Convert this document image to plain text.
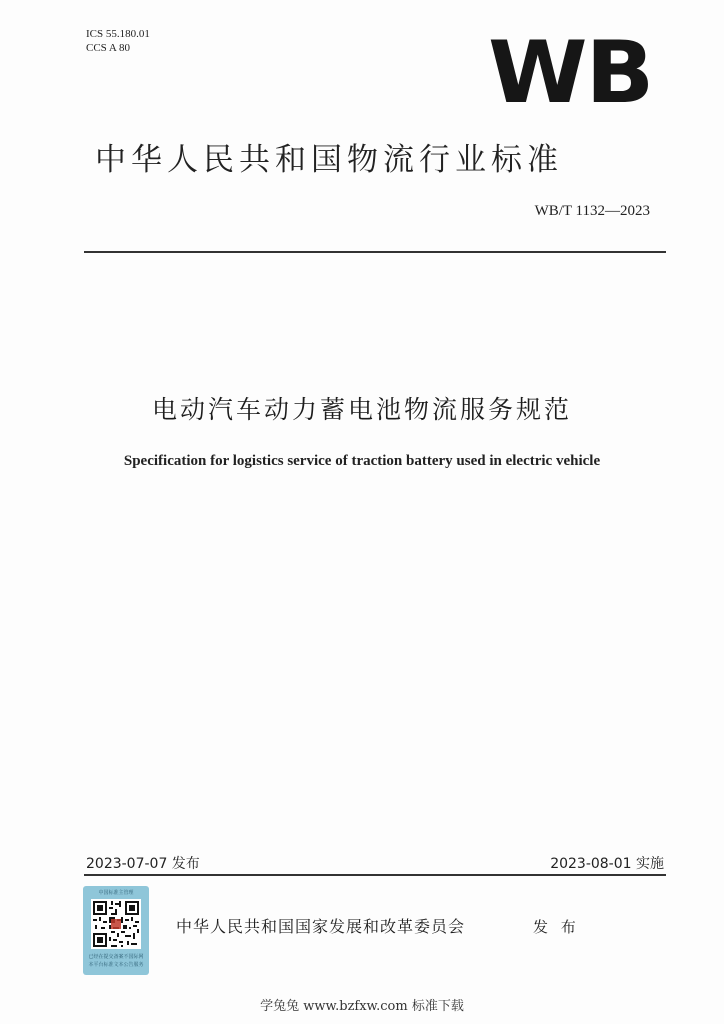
ICS 55.180.01
CCS A 80	WB
中华人民共和国物流行业标准
WB/T 1132—2023
电动汽车动力蓄电池物流服务规范
Specification for logistics service of traction battery used in electric vehicle
2023-07-07 发布	2023-08-01 实施
中国标准主管理
已经在提交备案不国际网
本平台标准文本公告服务
中华人民共和国国家发展和改革委员会	发 布
学兔兔 www.bzfxw.com 标准下载
